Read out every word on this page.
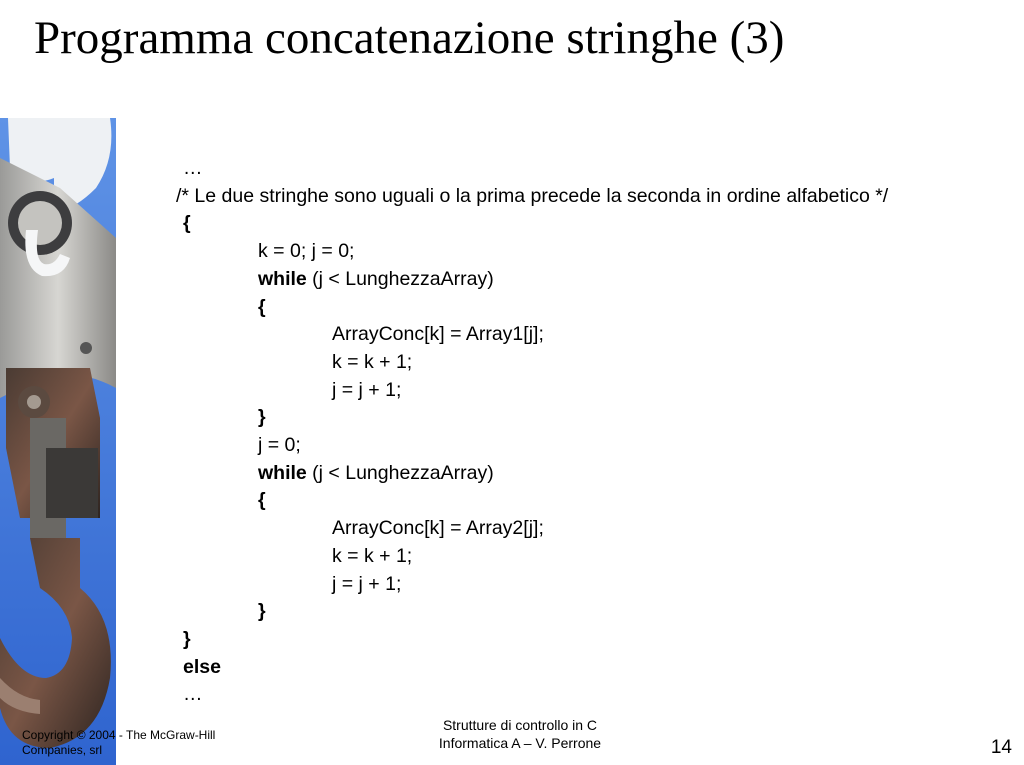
Programma concatenazione stringhe (3)
…
/* Le due stringhe sono uguali o la prima precede la seconda in ordine alfabetico */
{
k = 0; j = 0;
while (j < LunghezzaArray)
{
ArrayConc[k] = Array1[j];
k = k + 1;
j = j + 1;
}
j = 0;
while (j < LunghezzaArray)
{
ArrayConc[k] = Array2[j];
k = k + 1;
j = j + 1;
}
}
else
…
Copyright © 2004 - The McGraw-Hill Companies, srl
Strutture di controllo in C
Informatica A – V. Perrone	14
